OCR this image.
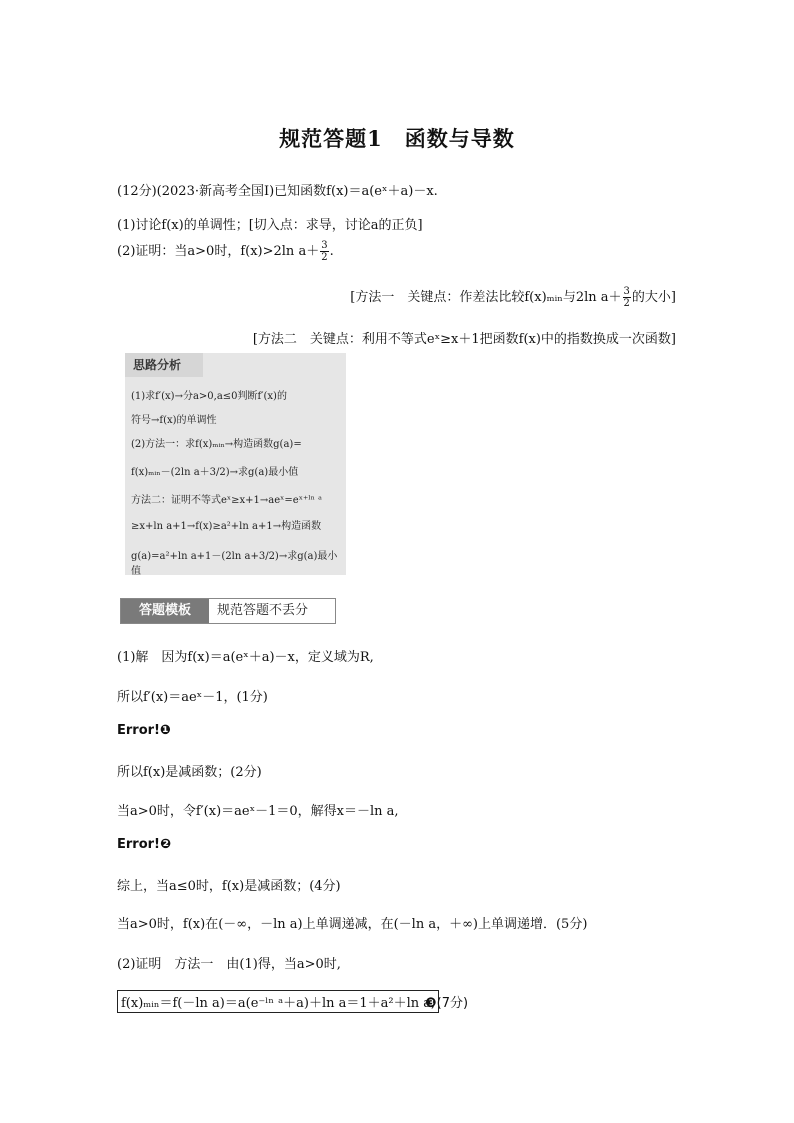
规范答题1　函数与导数
(12分)(2023·新高考全国Ⅰ)已知函数f(x)＝a(eˣ＋a)－x.
(1)讨论f(x)的单调性；[切入点：求导，讨论a的正负]
(2)证明：当a>0时，f(x)>2ln $a+ \frac{3}{2}$ .
[方法一　关键点：作差法比较f(x)ₘᵢₙ与2ln $a+ \frac{3}{2}$ 的大小]
[方法二　关键点：利用不等式eˣ≥x＋1把函数f(x)中的指数换成一次函数]
思路分析
(1)求f′(x)→分a>0,a≤0判断f′(x)的
符号→f(x)的单调性
(2)方法一：求f(x)ₘᵢₙ→构造函数g(a)=
f(x)ₘᵢₙ－(2ln a＋3/2)→求g(a)最小值
方法二：证明不等式eˣ≥x+1→aeˣ=eˣ⁺ˡⁿ ᵃ
≥x+ln a+1→f(x)≥a²+ln a+1→构造函数
g(a)=a²+ln a+1－(2ln a+3/2)→求g(a)最小值
答题模板	规范答题不丢分
(1)解　因为f(x)＝a(eˣ＋a)－x，定义域为R,
所以f′(x)＝aeˣ－1，(1分)
Error!❶
所以f(x)是减函数；(2分)
当a>0时，令f′(x)＝aeˣ－1＝0，解得x＝－ln a,
Error!❷
综上，当a≤0时，f(x)是减函数；(4分)
当a>0时，f(x)在(－∞，－ln a)上单调递减，在(－ln a，＋∞)上单调递增．(5分)
(2)证明　方法一　由(1)得，当a>0时,
f(x)ₘᵢₙ＝f(－ln a)＝a(e⁻ˡⁿ ᵃ＋a)＋ln a＝1＋a²＋ln a,
❸(7分)
